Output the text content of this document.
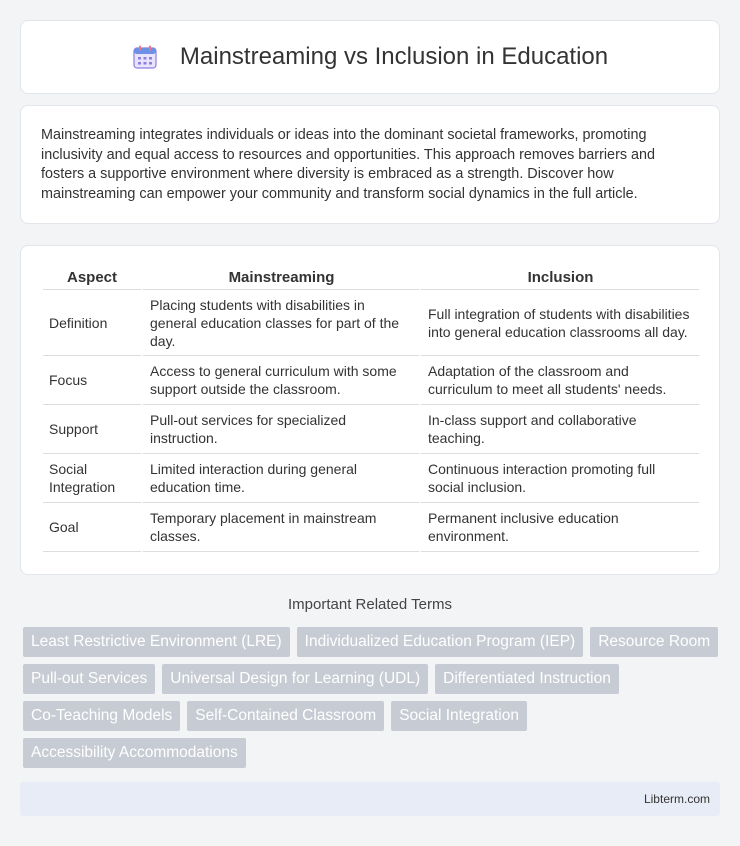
Mainstreaming vs Inclusion in Education

Mainstreaming integrates individuals or ideas into the dominant societal frameworks, promoting inclusivity and equal access to resources and opportunities. This approach removes barriers and fosters a supportive environment where diversity is embraced as a strength. Discover how mainstreaming can empower your community and transform social dynamics in the full article.

Aspect	Mainstreaming	Inclusion
Definition	Placing students with disabilities in general education classes for part of the day.	Full integration of students with disabilities into general education classrooms all day.
Focus	Access to general curriculum with some support outside the classroom.	Adaptation of the classroom and curriculum to meet all students' needs.
Support	Pull-out services for specialized instruction.	In-class support and collaborative teaching.
Social Integration	Limited interaction during general education time.	Continuous interaction promoting full social inclusion.
Goal	Temporary placement in mainstream classes.	Permanent inclusive education environment.
Important Related Terms
Least Restrictive Environment (LRE)	Individualized Education Program (IEP)	Resource Room
Pull-out Services	Universal Design for Learning (UDL)	Differentiated Instruction
Co-Teaching Models	Self-Contained Classroom	Social Integration
Accessibility Accommodations
Libterm.com
